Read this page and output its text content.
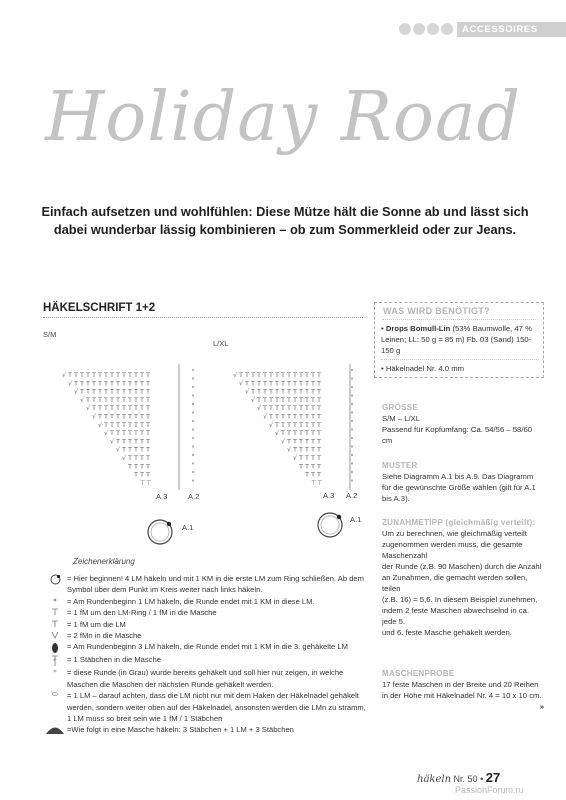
ACCESSOIRES
Holiday Road
Einfach aufsetzen und wohlfühlen: Diese Mütze hält die Sonne ab und lässt sich dabei wunderbar lässig kombinieren – ob zum Sommerkleid oder zur Jeans.
HÄKELSCHRIFT 1+2
S/M
L/XL
√ T T T T T T T T T T T T T T
√ T T T T T T T T T T T T T
√ T T T T T T T T T T T T
√ T T T T T T T T T T T
√ T T T T T T T T T T
√ T T T T T T T T T
√ T T T T T T T T
√ T T T T T T T
√ T T T T T T
√ T T T T T
√ T T T T
T T T T
T T T
⊤ ⊤
√ T T T T T T T T T T T T T T
√ T T T T T T T T T T T T T
√ T T T T T T T T T T T T
√ T T T T T T T T T T T
√ T T T T T T T T T T
√ T T T T T T T T T
√ T T T T T T T T
√ T T T T T T T
√ T T T T T T
√ T T T T T
√ T T T T
T T T T
T T T
⊤ ⊤
A.3	A.2	A.3 A.2
A.1
A.1
Zeichenerklärung
= Hier beginnen! 4 LM häkeln und mit 1 KM in die erste LM zum Ring schließen. Ab dem Symbol über dem Punkt im Kreis weiter nach links häkeln.
= Am Rundenbeginn 1 LM häkeln, die Runde endet mit 1 KM in diese LM.
= 1 fM um den LM-Ring / 1 fM in die Masche
= 1 fM um die LM
= 2 fMn in die Masche
= Am Rundenbeginn 3 LM häkeln, die Runde endet mit 1 KM in die 3. gehäkelte LM
= 1 Stäbchen in die Masche
= diese Runde (in Grau) wurde bereits gehäkelt und soll hier nur zeigen, in welche Maschen die Maschen der nächsten Runde gehäkelt werden.
= 1 LM – darauf achten, dass die LM nicht nur mit dem Haken der Häkelnadel gehäkelt werden, sondern weiter oben auf der Häkelnadel, ansonsten werden die LMn zu stramm, 1 LM muss so breit sein wie 1 fM / 1 Stäbchen
=Wie folgt in eine Masche häkeln: 3 Stäbchen + 1 LM + 3 Stäbchen
WAS WIRD BENÖTIGT?
• Drops Bomull-Lin (53% Baumwolle, 47 % Leinen; LL: 50 g = 85 m) Fb. 03 (Sand) 150-150 g
• Häkelnadel Nr. 4.0 mm
GRÖSSE
S/M – L/XL
Passend für Kopfumfang: Ca. 54/56 – 58/60 cm
MUSTER
Siehe Diagramm A.1 bis A.9. Das Diagramm für die gewünschte Größe wählen (gilt für A.1 bis A.3).
ZUNAHMETIPP (gleichmäßig verteilt):
Um zu berechnen, wie gleichmäßig verteilt zugenommen werden muss, die gesamte Maschenzahl
der Runde (z.B. 90 Maschen) durch die Anzahl an Zunahmen, die gemacht werden sollen, teilen
(z.B. 16) = 5,6. In diesem Beispiel zunehmen, indem 2 feste Maschen abwechselnd in ca. jede 5.
und 6. feste Masche gehäkelt werden.
MASCHENPROBE
17 feste Maschen in der Breite und 20 Reihen in der Höhe mit Häkelnadel Nr. 4 = 10 x 10 cm.
»
häkeln Nr. 50 • 27
PassionForum.ru
